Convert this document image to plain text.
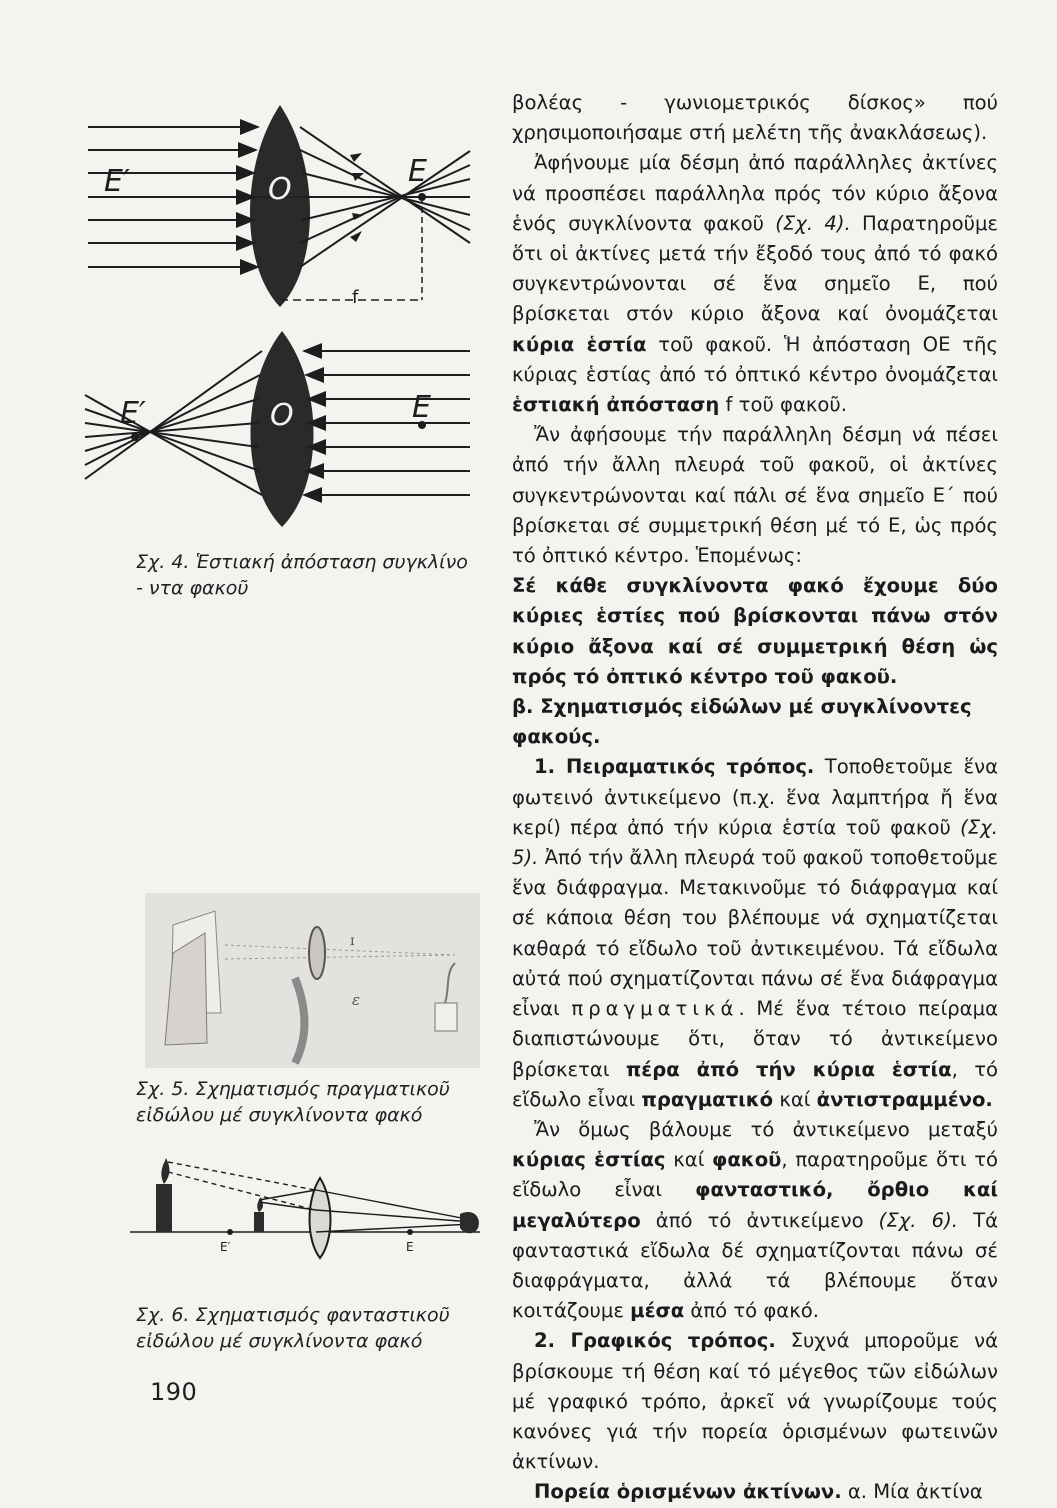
E′	O
E
f
E′	O	E
Σχ. 4. Ἑστιακή ἀπόσταση συγκλίνο - ντα φακοῦ
ɪ
ε
Σχ. 5. Σχηματισμός πραγματικοῦ εἰδώλου μέ συγκλίνοντα φακό
E′	E
Σχ. 6. Σχηματισμός φανταστικοῦ εἰδώλου μέ συγκλίνοντα φακό
190

βολέας - γωνιομετρικός δίσκος» πού χρησιμοποιήσαμε στή μελέτη τῆς ἀνακλάσεως).

Ἀφήνουμε μία δέσμη ἀπό παράλληλες ἀκτίνες νά προσπέσει παράλληλα πρός τόν κύριο ἄξονα ἑνός συγκλίνοντα φακοῦ (Σχ. 4). Παρατηροῦμε ὅτι οἱ ἀκτίνες μετά τήν ἔξοδό τους ἀπό τό φακό συγκεντρώνονται σέ ἕνα σημεῖο Ε, πού βρίσκεται στόν κύριο ἄξονα καί ὀνομάζεται κύρια ἑστία τοῦ φακοῦ. Ἡ ἀπόσταση ΟΕ τῆς κύριας ἑστίας ἀπό τό ὀπτικό κέντρο ὀνομάζεται ἑστιακή ἀπόσταση f τοῦ φακοῦ.

Ἄν ἀφήσουμε τήν παράλληλη δέσμη νά πέσει ἀπό τήν ἄλλη πλευρά τοῦ φακοῦ, οἱ ἀκτίνες συγκεντρώνονται καί πάλι σέ ἕνα σημεῖο Ε΄ πού βρίσκεται σέ συμμετρική θέση μέ τό Ε, ὡς πρός τό ὀπτικό κέντρο. Ἑπομένως:

Σέ κάθε συγκλίνοντα φακό ἔχουμε δύο κύριες ἑστίες πού βρίσκονται πάνω στόν κύριο ἄξονα καί σέ συμμετρική θέση ὡς πρός τό ὀπτικό κέντρο τοῦ φακοῦ.

β. Σχηματισμός εἰδώλων μέ συγκλίνοντες φακούς.

1. Πειραματικός τρόπος. Τοποθετοῦμε ἕνα φωτεινό ἀντικείμενο (π.χ. ἕνα λαμπτήρα ἤ ἕνα κερί) πέρα ἀπό τήν κύρια ἑστία τοῦ φακοῦ (Σχ. 5). Ἀπό τήν ἄλλη πλευρά τοῦ φακοῦ τοποθετοῦμε ἕνα διάφραγμα. Μετακινοῦμε τό διάφραγμα καί σέ κάποια θέση του βλέπουμε νά σχηματίζεται καθαρά τό εἴδωλο τοῦ ἀντικειμένου. Τά εἴδωλα αὐτά πού σχηματίζονται πάνω σέ ἕνα διάφραγμα εἶναι πραγματικά. Μέ ἕνα τέτοιο πείραμα διαπιστώνουμε ὅτι, ὅταν τό ἀντικείμενο βρίσκεται πέρα ἀπό τήν κύρια ἑστία, τό εἴδωλο εἶναι πραγματικό καί ἀντιστραμμένο.

Ἄν ὅμως βάλουμε τό ἀντικείμενο μεταξύ κύριας ἑστίας καί φακοῦ, παρατηροῦμε ὅτι τό εἴδωλο εἶναι φανταστικό, ὄρθιο καί μεγαλύτερο ἀπό τό ἀντικείμενο (Σχ. 6). Τά φανταστικά εἴδωλα δέ σχηματίζονται πάνω σέ διαφράγματα, ἀλλά τά βλέπουμε ὅταν κοιτάζουμε μέσα ἀπό τό φακό.

2. Γραφικός τρόπος. Συχνά μποροῦμε νά βρίσκουμε τή θέση καί τό μέγεθος τῶν εἰδώλων μέ γραφικό τρόπο, ἀρκεῖ νά γνωρίζουμε τούς κανόνες γιά τήν πορεία ὁρισμένων φωτεινῶν ἀκτίνων.

Πορεία ὁρισμένων ἀκτίνων. α. Μία ἀκτίνα
